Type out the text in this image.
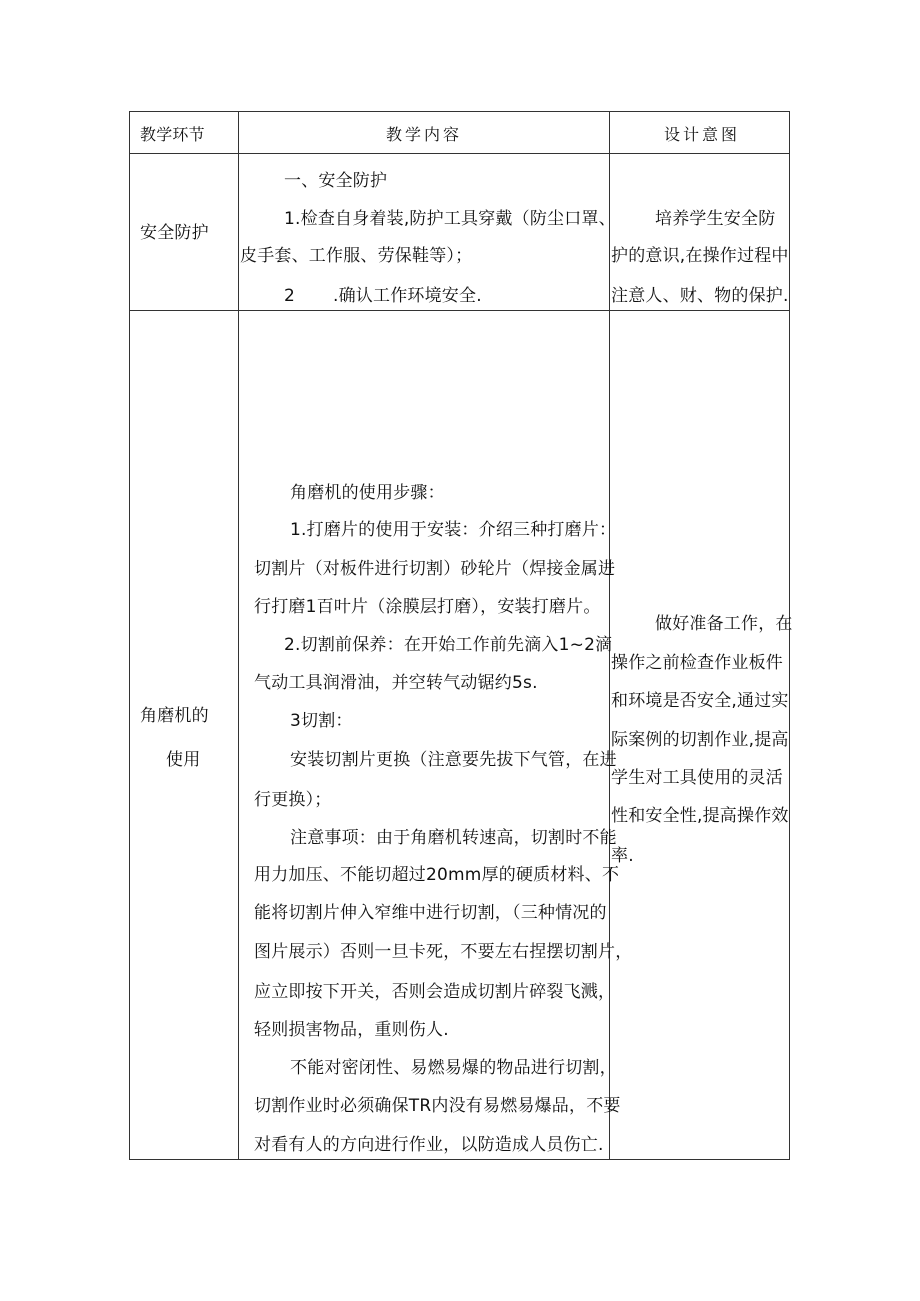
教学环节	教学内容	设计意图
安全防护
一、安全防护
1.检查自身着装,防护工具穿戴（防尘口罩、
皮手套、工作服、劳保鞋等）；
2 .确认工作环境安全.
培养学生安全防
护的意识,在操作过程中
注意人、财、物的保护.
角磨机的
使用
角磨机的使用步骤：
1.打磨片的使用于安装：介绍三种打磨片：
切割片（对板件进行切割）砂轮片（焊接金属进
行打磨1百叶片（涂膜层打磨），安装打磨片。
2.切割前保养：在开始工作前先滴入1~2滴
气动工具润滑油，并空转气动锯约5s.
3切割：
安装切割片更换（注意要先拔下气管，在进
行更换）；
注意事项：由于角磨机转速高，切割时不能
用力加压、不能切超过20mm厚的硬质材料、不
能将切割片伸入窄维中进行切割，（三种情况的
图片展示）否则一旦卡死，不要左右捏摆切割片，
应立即按下开关，否则会造成切割片碎裂飞溅，
轻则损害物品，重则伤人.
不能对密闭性、易燃易爆的物品进行切割，
切割作业时必须确保TR内没有易燃易爆品，不要
对看有人的方向进行作业，以防造成人员伤亡.
做好准备工作，在
操作之前检查作业板件
和环境是否安全,通过实
际案例的切割作业,提高
学生对工具使用的灵活
性和安全性,提高操作效
率.
